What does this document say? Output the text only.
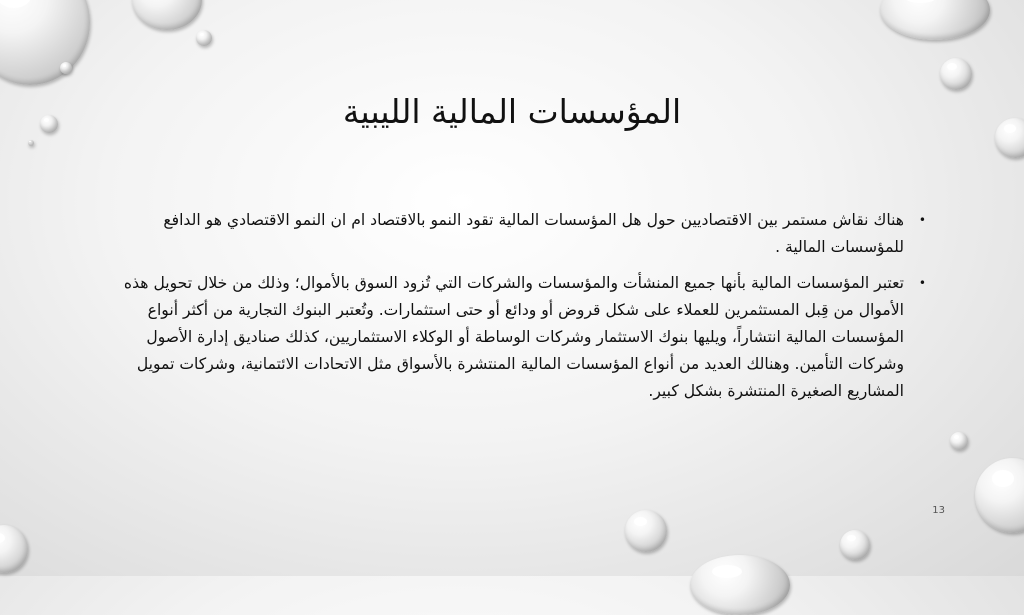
المؤسسات المالية الليبية
•
هناك نقاش مستمر بين الاقتصاديين حول هل المؤسسات المالية تقود النمو بالاقتصاد ام ان النمو الاقتصادي هو الدافع للمؤسسات المالية .
•
تعتبر المؤسسات المالية بأنها جميع المنشأت والمؤسسات والشركات التي تُزود السوق بالأموال؛ وذلك من خلال تحويل هذه الأموال من قِبل المستثمرين للعملاء على شكل قروض أو ودائع أو حتى استثمارات. وتُعتبر البنوك التجارية من أكثر أنواع المؤسسات المالية انتشاراً، ويليها بنوك الاستثمار وشركات الوساطة أو الوكلاء الاستثماريين، كذلك صناديق إدارة الأصول وشركات التأمين. وهنالك العديد من أنواع المؤسسات المالية المنتشرة بالأسواق مثل الاتحادات الائتمانية، وشركات تمويل المشاريع الصغيرة المنتشرة بشكل كبير.
13
